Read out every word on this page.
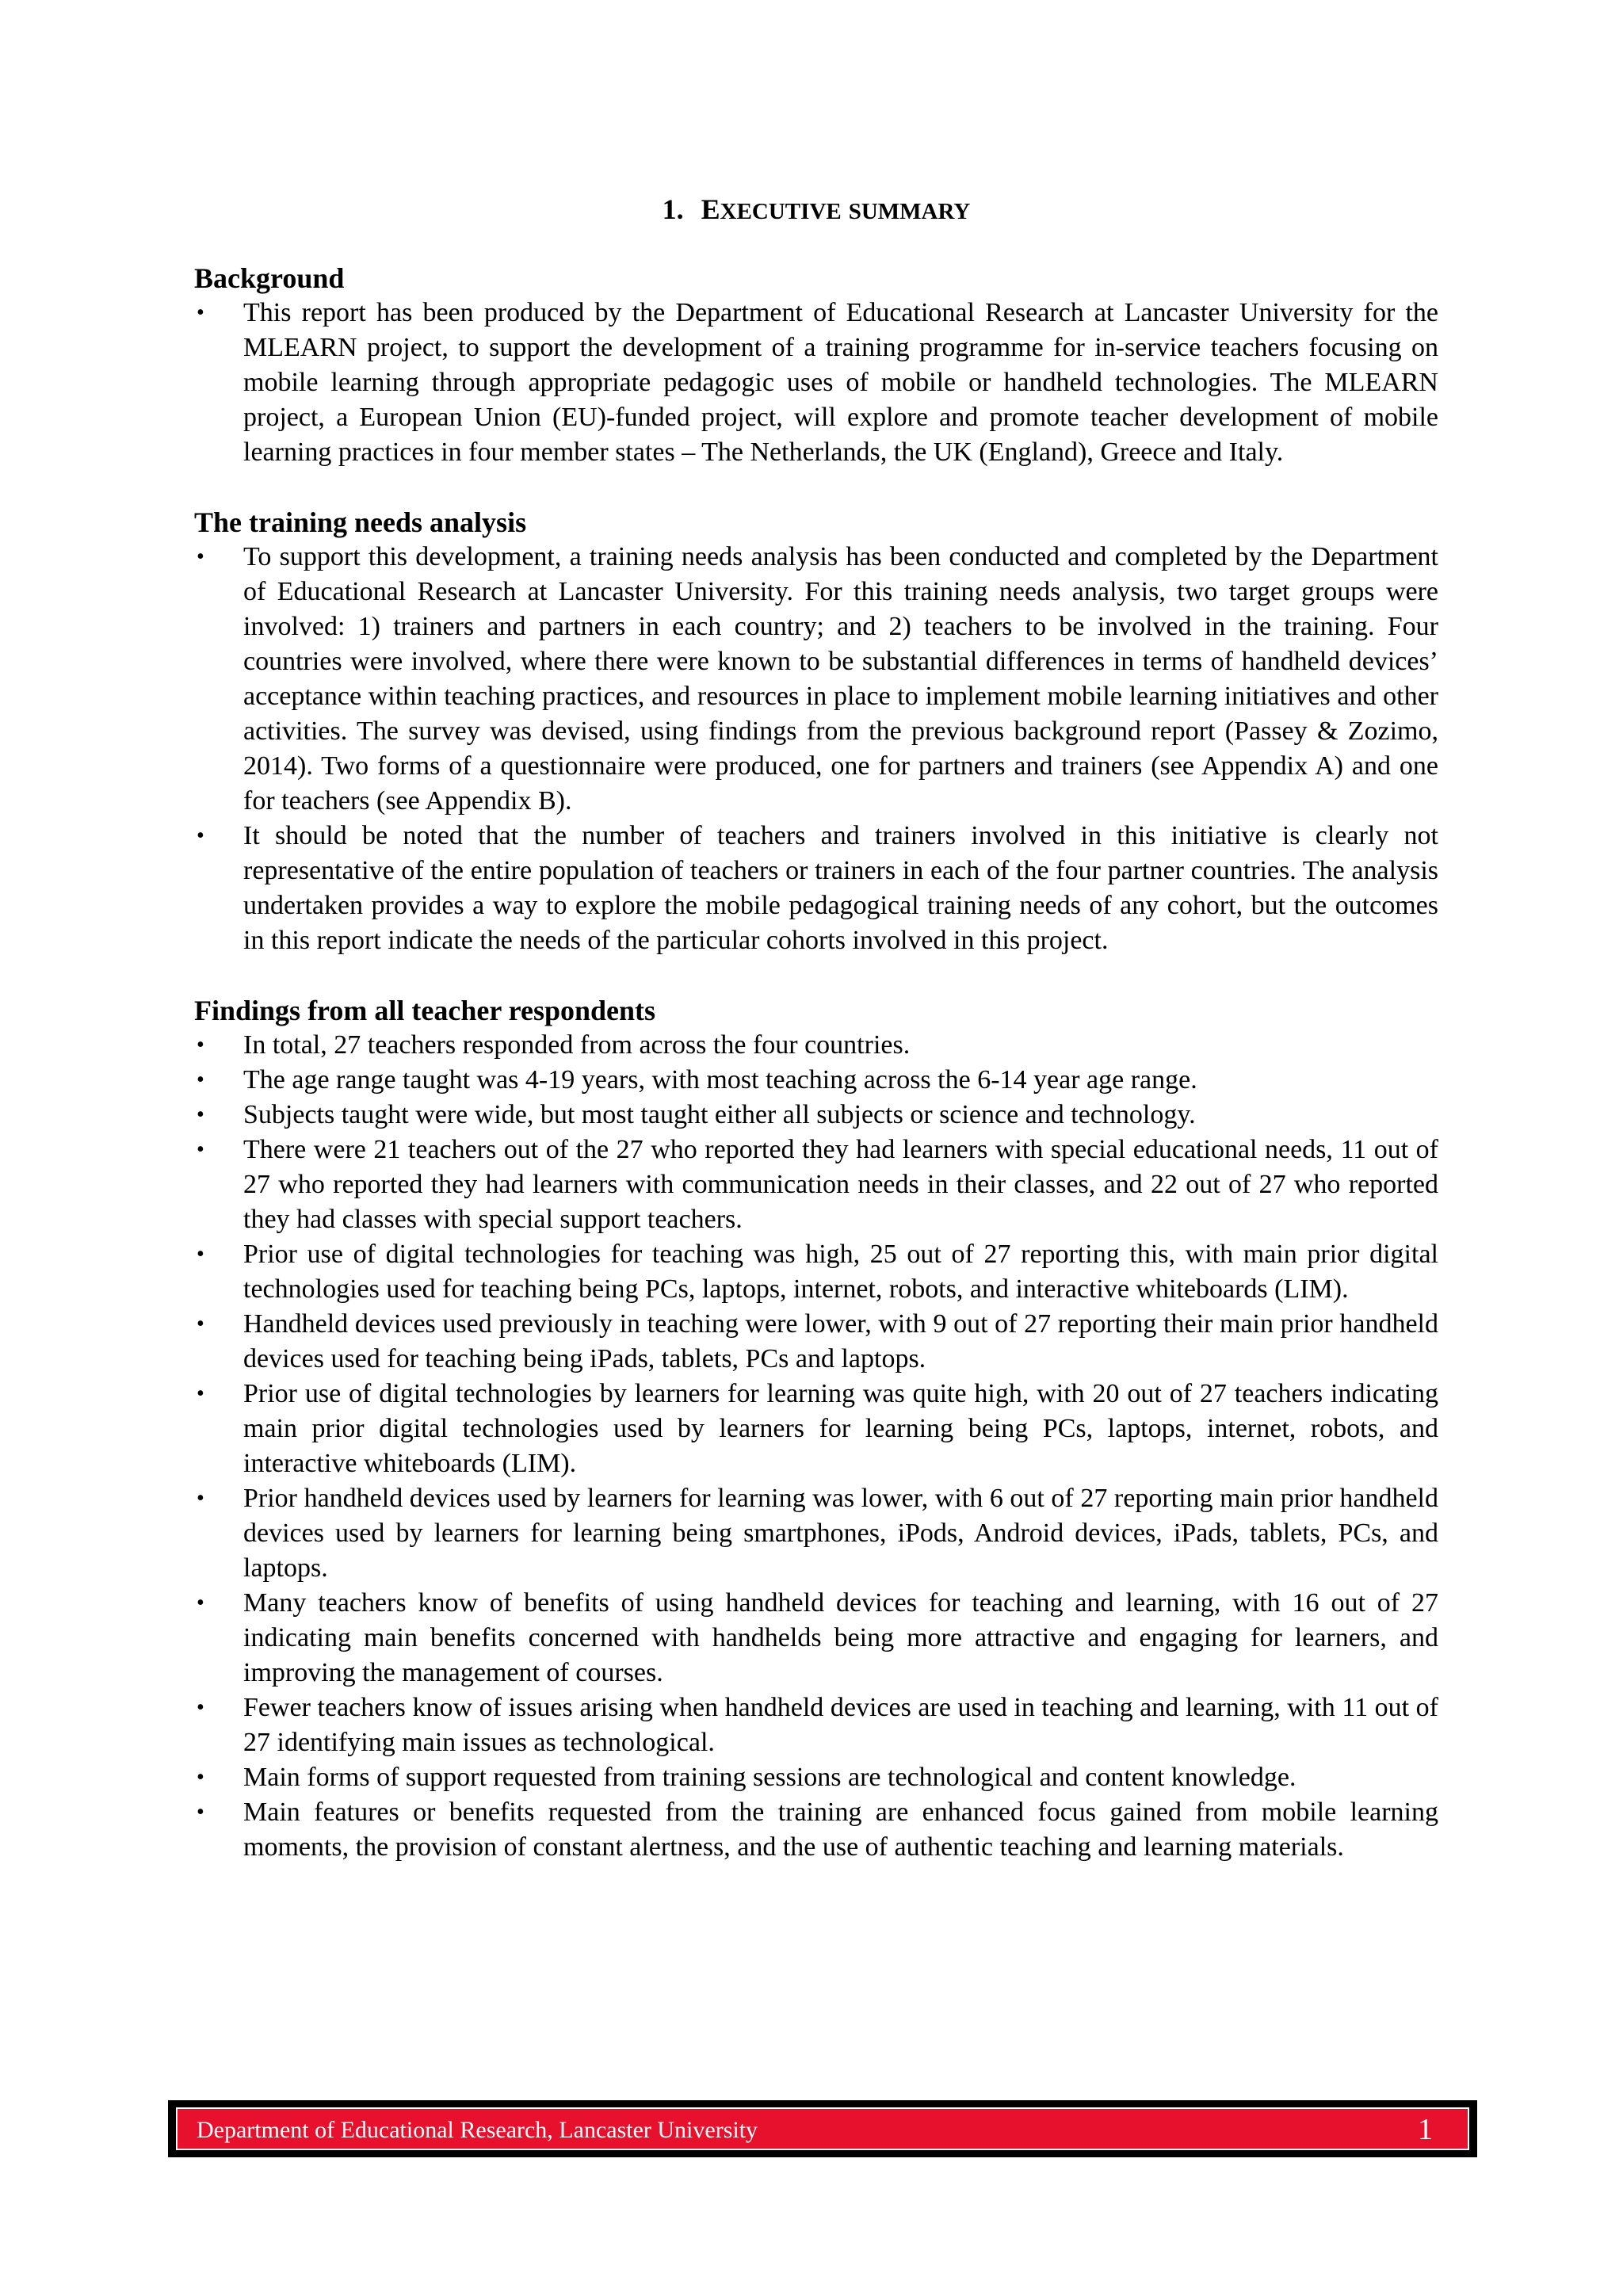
1. EXECUTIVE SUMMARY
Background
• This report has been produced by the Department of Educational Research at Lancaster University for the MLEARN project, to support the development of a training programme for in-service teachers focusing on mobile learning through appropriate pedagogic uses of mobile or handheld technologies. The MLEARN project, a European Union (EU)-funded project, will explore and promote teacher development of mobile learning practices in four member states – The Netherlands, the UK (England), Greece and Italy.
The training needs analysis
• To support this development, a training needs analysis has been conducted and completed by the Department of Educational Research at Lancaster University. For this training needs analysis, two target groups were involved: 1) trainers and partners in each country; and 2) teachers to be involved in the training. Four countries were involved, where there were known to be substantial differences in terms of handheld devices’ acceptance within teaching practices, and resources in place to implement mobile learning initiatives and other activities. The survey was devised, using findings from the previous background report (Passey & Zozimo, 2014). Two forms of a questionnaire were produced, one for partners and trainers (see Appendix A) and one for teachers (see Appendix B).
• It should be noted that the number of teachers and trainers involved in this initiative is clearly not representative of the entire population of teachers or trainers in each of the four partner countries. The analysis undertaken provides a way to explore the mobile pedagogical training needs of any cohort, but the outcomes in this report indicate the needs of the particular cohorts involved in this project.
Findings from all teacher respondents
• In total, 27 teachers responded from across the four countries.
• The age range taught was 4-19 years, with most teaching across the 6-14 year age range.
• Subjects taught were wide, but most taught either all subjects or science and technology.
• There were 21 teachers out of the 27 who reported they had learners with special educational needs, 11 out of 27 who reported they had learners with communication needs in their classes, and 22 out of 27 who reported they had classes with special support teachers.
• Prior use of digital technologies for teaching was high, 25 out of 27 reporting this, with main prior digital technologies used for teaching being PCs, laptops, internet, robots, and interactive whiteboards (LIM).
• Handheld devices used previously in teaching were lower, with 9 out of 27 reporting their main prior handheld devices used for teaching being iPads, tablets, PCs and laptops.
• Prior use of digital technologies by learners for learning was quite high, with 20 out of 27 teachers indicating main prior digital technologies used by learners for learning being PCs, laptops, internet, robots, and interactive whiteboards (LIM).
• Prior handheld devices used by learners for learning was lower, with 6 out of 27 reporting main prior handheld devices used by learners for learning being smartphones, iPods, Android devices, iPads, tablets, PCs, and laptops.
• Many teachers know of benefits of using handheld devices for teaching and learning, with 16 out of 27 indicating main benefits concerned with handhelds being more attractive and engaging for learners, and improving the management of courses.
• Fewer teachers know of issues arising when handheld devices are used in teaching and learning, with 11 out of 27 identifying main issues as technological.
• Main forms of support requested from training sessions are technological and content knowledge.
• Main features or benefits requested from the training are enhanced focus gained from mobile learning moments, the provision of constant alertness, and the use of authentic teaching and learning materials.
Department of Educational Research, Lancaster University	1
